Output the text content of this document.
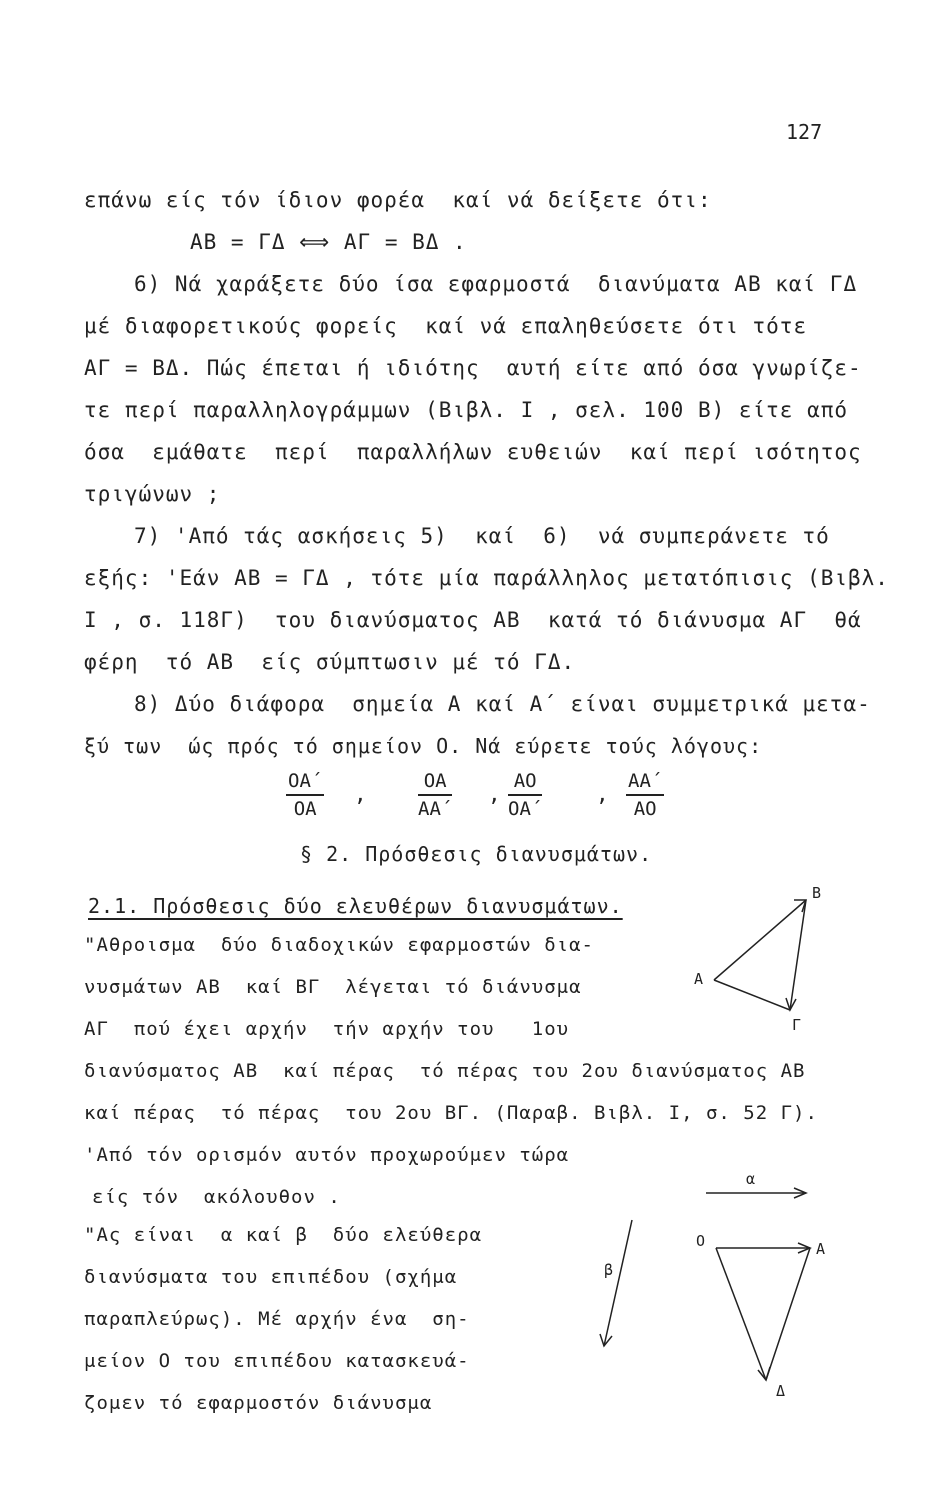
127
επάνω είς τόν ίδιον φορέα  καί νά δείξετε ότι:
AB = ΓΔ ⟺ AΓ = BΔ .
6) Νά χαράξετε δύο ίσα εφαρμοστά  διανύματα AB καί ΓΔ
μέ διαφορετικούς φορείς  καί νά επαληθεύσετε ότι τότε
AΓ = BΔ. Πώς έπεται ή ιδιότης  αυτή είτε από όσα γνωρίζε-
τε περί παραλληλογράμμων (Βιβλ. I , σελ. 100 Β) είτε από
όσα  εμάθατε  περί  παραλλήλων ευθειών  καί περί ισότητος
τριγώνων ;
7) 'Από τάς ασκήσεις 5)  καί  6)  νά συμπεράνετε τό
εξής: 'Εάν AB = ΓΔ , τότε μία παράλληλος μετατόπισις (Βιβλ.
I , σ. 118Γ)  του διανύσματος AB  κατά τό διάνυσμα AΓ  θά
φέρη  τό AB  είς σύμπτωσιν μέ τό ΓΔ.
8) Δύο διάφορα  σημεία A καί A΄ είναι συμμετρικά μετα-
ξύ των  ώς πρός τό σημείον O. Νά εύρετε τούς λόγους:
$\frac{OA΄}{OA}$ ,	$\frac{OA}{AA΄}$ , $\frac{AO}{OA΄}$	, $\frac{AA΄}{AO}$
§ 2. Πρόσθεσις διανυσμάτων.
2.1. Πρόσθεσις δύο ελευθέρων διανυσμάτων.
"Αθροισμα  δύο διαδοχικών εφαρμοστών δια-
νυσμάτων AB  καί BΓ  λέγεται τό διάνυσμα
AΓ  πού έχει αρχήν  τήν αρχήν του   1ου
διανύσματος AB  καί πέρας  τό πέρας του 2ου διανύσματος AB
καί πέρας  τό πέρας  του 2ου BΓ. (Παραβ. Βιβλ. I, σ. 52 Γ).
'Από τόν ορισμόν αυτόν προχωρούμεν τώρα
είς τόν  ακόλουθον .
"Ας είναι  α καί β  δύο ελεύθερα
διανύσματα του επιπέδου (σχήμα
παραπλεύρως). Μέ αρχήν ένα  ση-
μείον O του επιπέδου κατασκευά-
ζομεν τό εφαρμοστόν διάνυσμα
A
B
Γ
α
β
O	A
Δ
